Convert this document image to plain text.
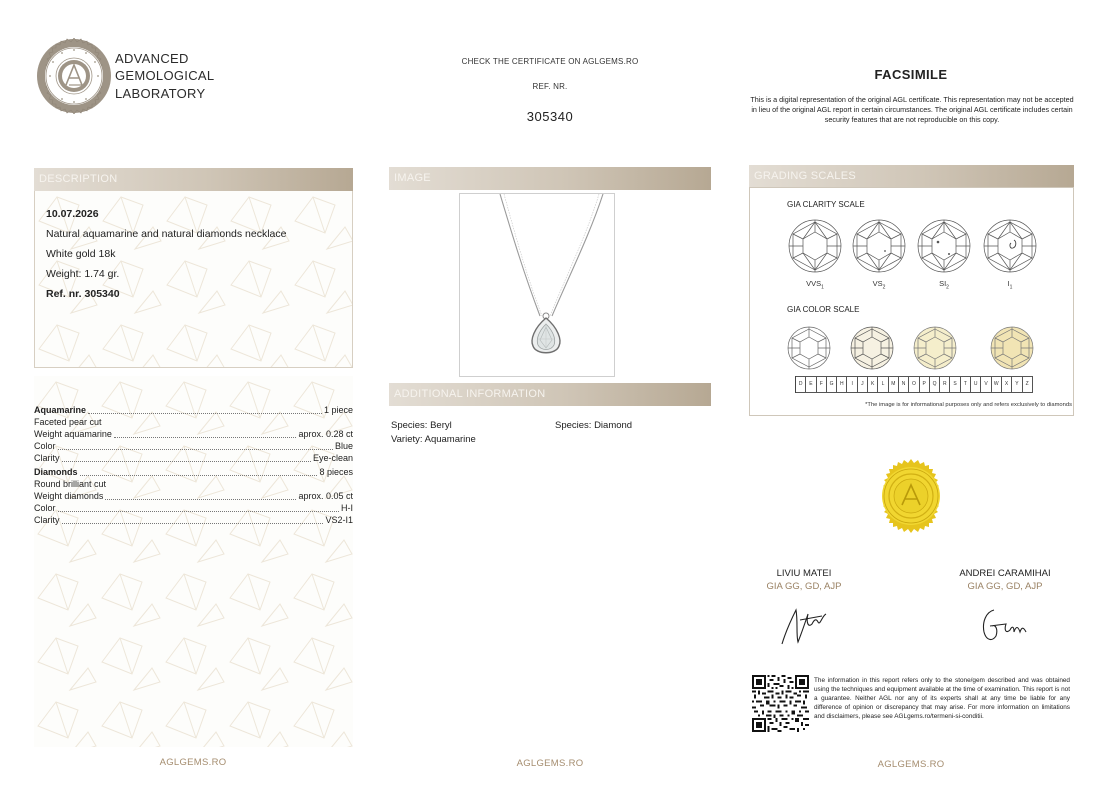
ADVANCED
GEMOLOGICAL
LABORATORY
CHECK THE CERTIFICATE ON AGLGEMS.RO
REF. NR.
305340
FACSIMILE
This is a digital representation of the original AGL certificate. This representation may not be accepted in lieu of the original AGL report in certain circumstances. The original AGL certificate includes certain security features that are not reproducible on this copy.
DESCRIPTION
10.07.2026
Natural aquamarine and natural diamonds necklace
White gold 18k
Weight: 1.74 gr.
Ref. nr. 305340
Aquamarine	1 piece
Faceted pear cut
Weight aquamarine	aprox. 0.28 ct
Color	Blue
Clarity	Eye-clean
Diamonds	8 pieces
Round brilliant cut
Weight diamonds	aprox. 0.05 ct
Color	H-I
Clarity	VS2-I1
AGLGEMS.RO
IMAGE
ADDITIONAL INFORMATION
Species: Beryl
Variety: Aquamarine
Species: Diamond
AGLGEMS.RO
GRADING SCALES
GIA CLARITY SCALE
$VVS_1$	$VS_2$	$SI_2$	$I_1$
GIA COLOR SCALE
D	E	F	G	H	I	J	K	L	M	N	O	P	Q	R	S	T	U	V	W	X	Y	Z
*The image is for informational purposes only and refers exclusively to diamonds
LIVIU MATEI
GIA GG, GD, AJP
ANDREI CARAMIHAI
GIA GG, GD, AJP
The information in this report refers only to the stone/gem described and was obtained using the techniques and equipment available at the time of examination. This report is not a guarantee. Neither AGL nor any of its experts shall at any time be liable for any difference of opinion or discrepancy that may arise. For more information on limitations and disclaimers, please see AGLgems.ro/termeni-si-conditii.
AGLGEMS.RO
